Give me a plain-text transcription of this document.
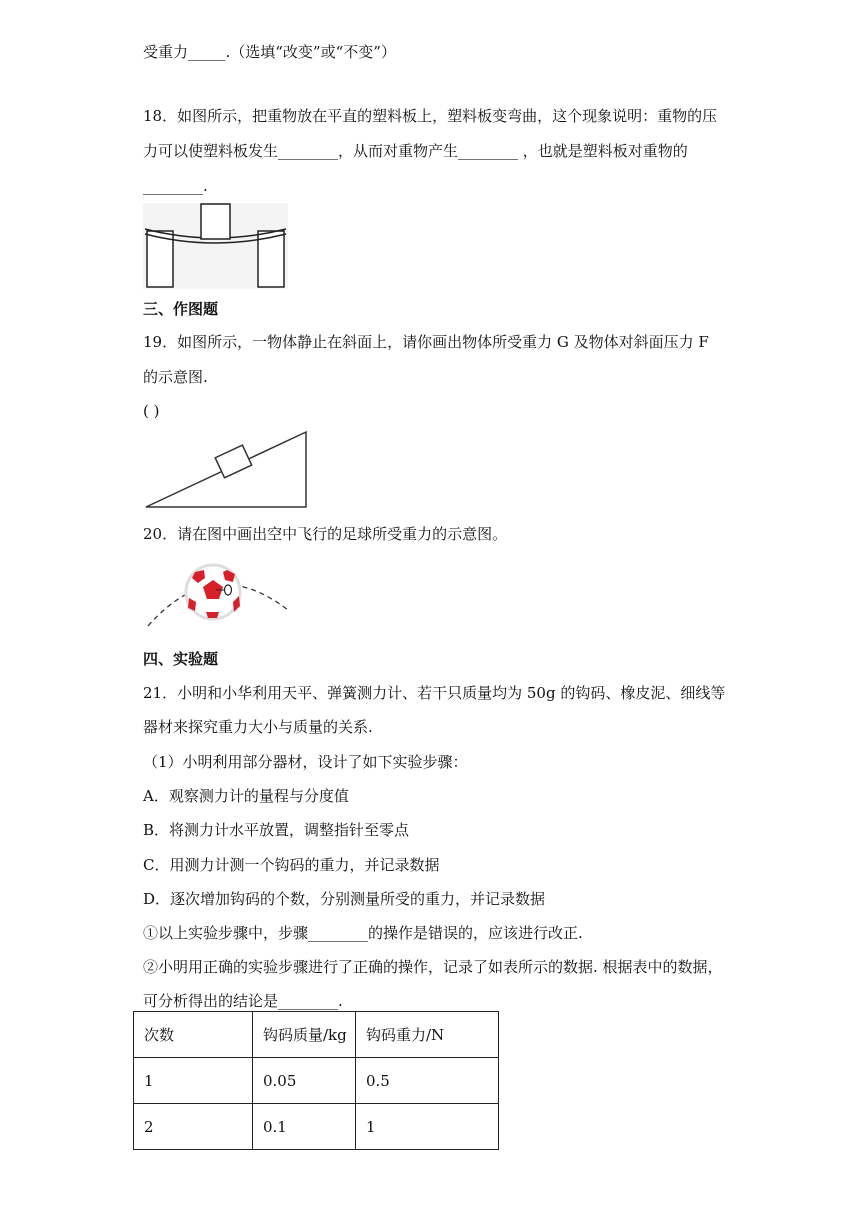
受重力_____.（选填“改变”或“不变”）
18．如图所示，把重物放在平直的塑料板上，塑料板变弯曲，这个现象说明：重物的压
力可以使塑料板发生________，从而对重物产生________ ，也就是塑料板对重物的
________.
三、作图题
19．如图所示，一物体静止在斜面上，请你画出物体所受重力 G 及物体对斜面压力 F
的示意图.
( )
20．请在图中画出空中飞行的足球所受重力的示意图。
四、实验题
21．小明和小华利用天平、弹簧测力计、若干只质量均为 50g 的钩码、橡皮泥、细线等
器材来探究重力大小与质量的关系.
（1）小明利用部分器材，设计了如下实验步骤：
A．观察测力计的量程与分度值
B．将测力计水平放置，调整指针至零点
C．用测力计测一个钩码的重力，并记录数据
D．逐次增加钩码的个数，分别测量所受的重力，并记录数据
①以上实验步骤中，步骤________的操作是错误的，应该进行改正.
②小明用正确的实验步骤进行了正确的操作，记录了如表所示的数据. 根据表中的数据，
可分析得出的结论是________.
次数	钩码质量/kg	钩码重力/N
1	0.05	0.5
2	0.1	1
